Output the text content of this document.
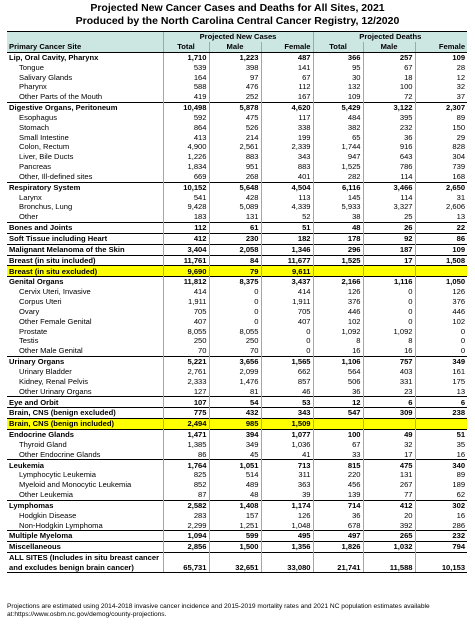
Projected New Cancer Cases and Deaths for All Sites, 2021
Produced by the North Carolina Central Cancer Registry, 12/2020
	Projected New Cases			Projected Deaths		
Primary Cancer Site	Total	Male	Female	Total	Male	Female
Lip, Oral Cavity, Pharynx	1,710	1,223	487	366	257	109
Tongue	539	398	141	95	67	28
Salivary Glands	164	97	67	30	18	12
Pharynx	588	476	112	132	100	32
Other Parts of the Mouth	419	252	167	109	72	37
Digestive Organs, Peritoneum	10,498	5,878	4,620	5,429	3,122	2,307
Esophagus	592	475	117	484	395	89
Stomach	864	526	338	382	232	150
Small Intestine	413	214	199	65	36	29
Colon, Rectum	4,900	2,561	2,339	1,744	916	828
Liver, Bile Ducts	1,226	883	343	947	643	304
Pancreas	1,834	951	883	1,525	786	739
Other, Ill-defined sites	669	268	401	282	114	168
Respiratory System	10,152	5,648	4,504	6,116	3,466	2,650
Larynx	541	428	113	145	114	31
Bronchus, Lung	9,428	5,089	4,339	5,933	3,327	2,606
Other	183	131	52	38	25	13
Bones and Joints	112	61	51	48	26	22
Soft Tissue including Heart	412	230	182	178	92	86
Malignant Melanoma of the Skin	3,404	2,058	1,346	296	187	109
Breast (in situ included)	11,761	84	11,677	1,525	17	1,508
Breast (in situ excluded)	9,690	79	9,611			
Genital Organs	11,812	8,375	3,437	2,166	1,116	1,050
Cervix Uteri, Invasive	414	0	414	126	0	126
Corpus Uteri	1,911	0	1,911	376	0	376
Ovary	705	0	705	446	0	446
Other Female Genital	407	0	407	102	0	102
Prostate	8,055	8,055	0	1,092	1,092	0
Testis	250	250	0	8	8	0
Other Male Genital	70	70	0	16	16	0
Urinary Organs	5,221	3,656	1,565	1,106	757	349
Urinary Bladder	2,761	2,099	662	564	403	161
Kidney, Renal Pelvis	2,333	1,476	857	506	331	175
Other Urinary Organs	127	81	46	36	23	13
Eye and Orbit	107	54	53	12	6	6
Brain, CNS (benign excluded)	775	432	343	547	309	238
Brain, CNS (benign included)	2,494	985	1,509			
Endocrine Glands	1,471	394	1,077	100	49	51
Thyroid Gland	1,385	349	1,036	67	32	35
Other Endocrine Glands	86	45	41	33	17	16
Leukemia	1,764	1,051	713	815	475	340
Lymphocytic Leukemia	825	514	311	220	131	89
Myeloid and Monocytic Leukemia	852	489	363	456	267	189
Other Leukemia	87	48	39	139	77	62
Lymphomas	2,582	1,408	1,174	714	412	302
Hodgkin Disease	283	157	126	36	20	16
Non-Hodgkin Lymphoma	2,299	1,251	1,048	678	392	286
Multiple Myeloma	1,094	599	495	497	265	232
Miscellaneous	2,856	1,500	1,356	1,826	1,032	794
ALL SITES (Includes in situ breast cancer and excludes benign brain cancer)	65,731	32,651	33,080	21,741	11,588	10,153
Projections are estimated using 2014-2018 invasive cancer incidence and 2015-2019 mortality rates and 2021 NC population estimates available at:https://www.osbm.nc.gov/demog/county-projections.
